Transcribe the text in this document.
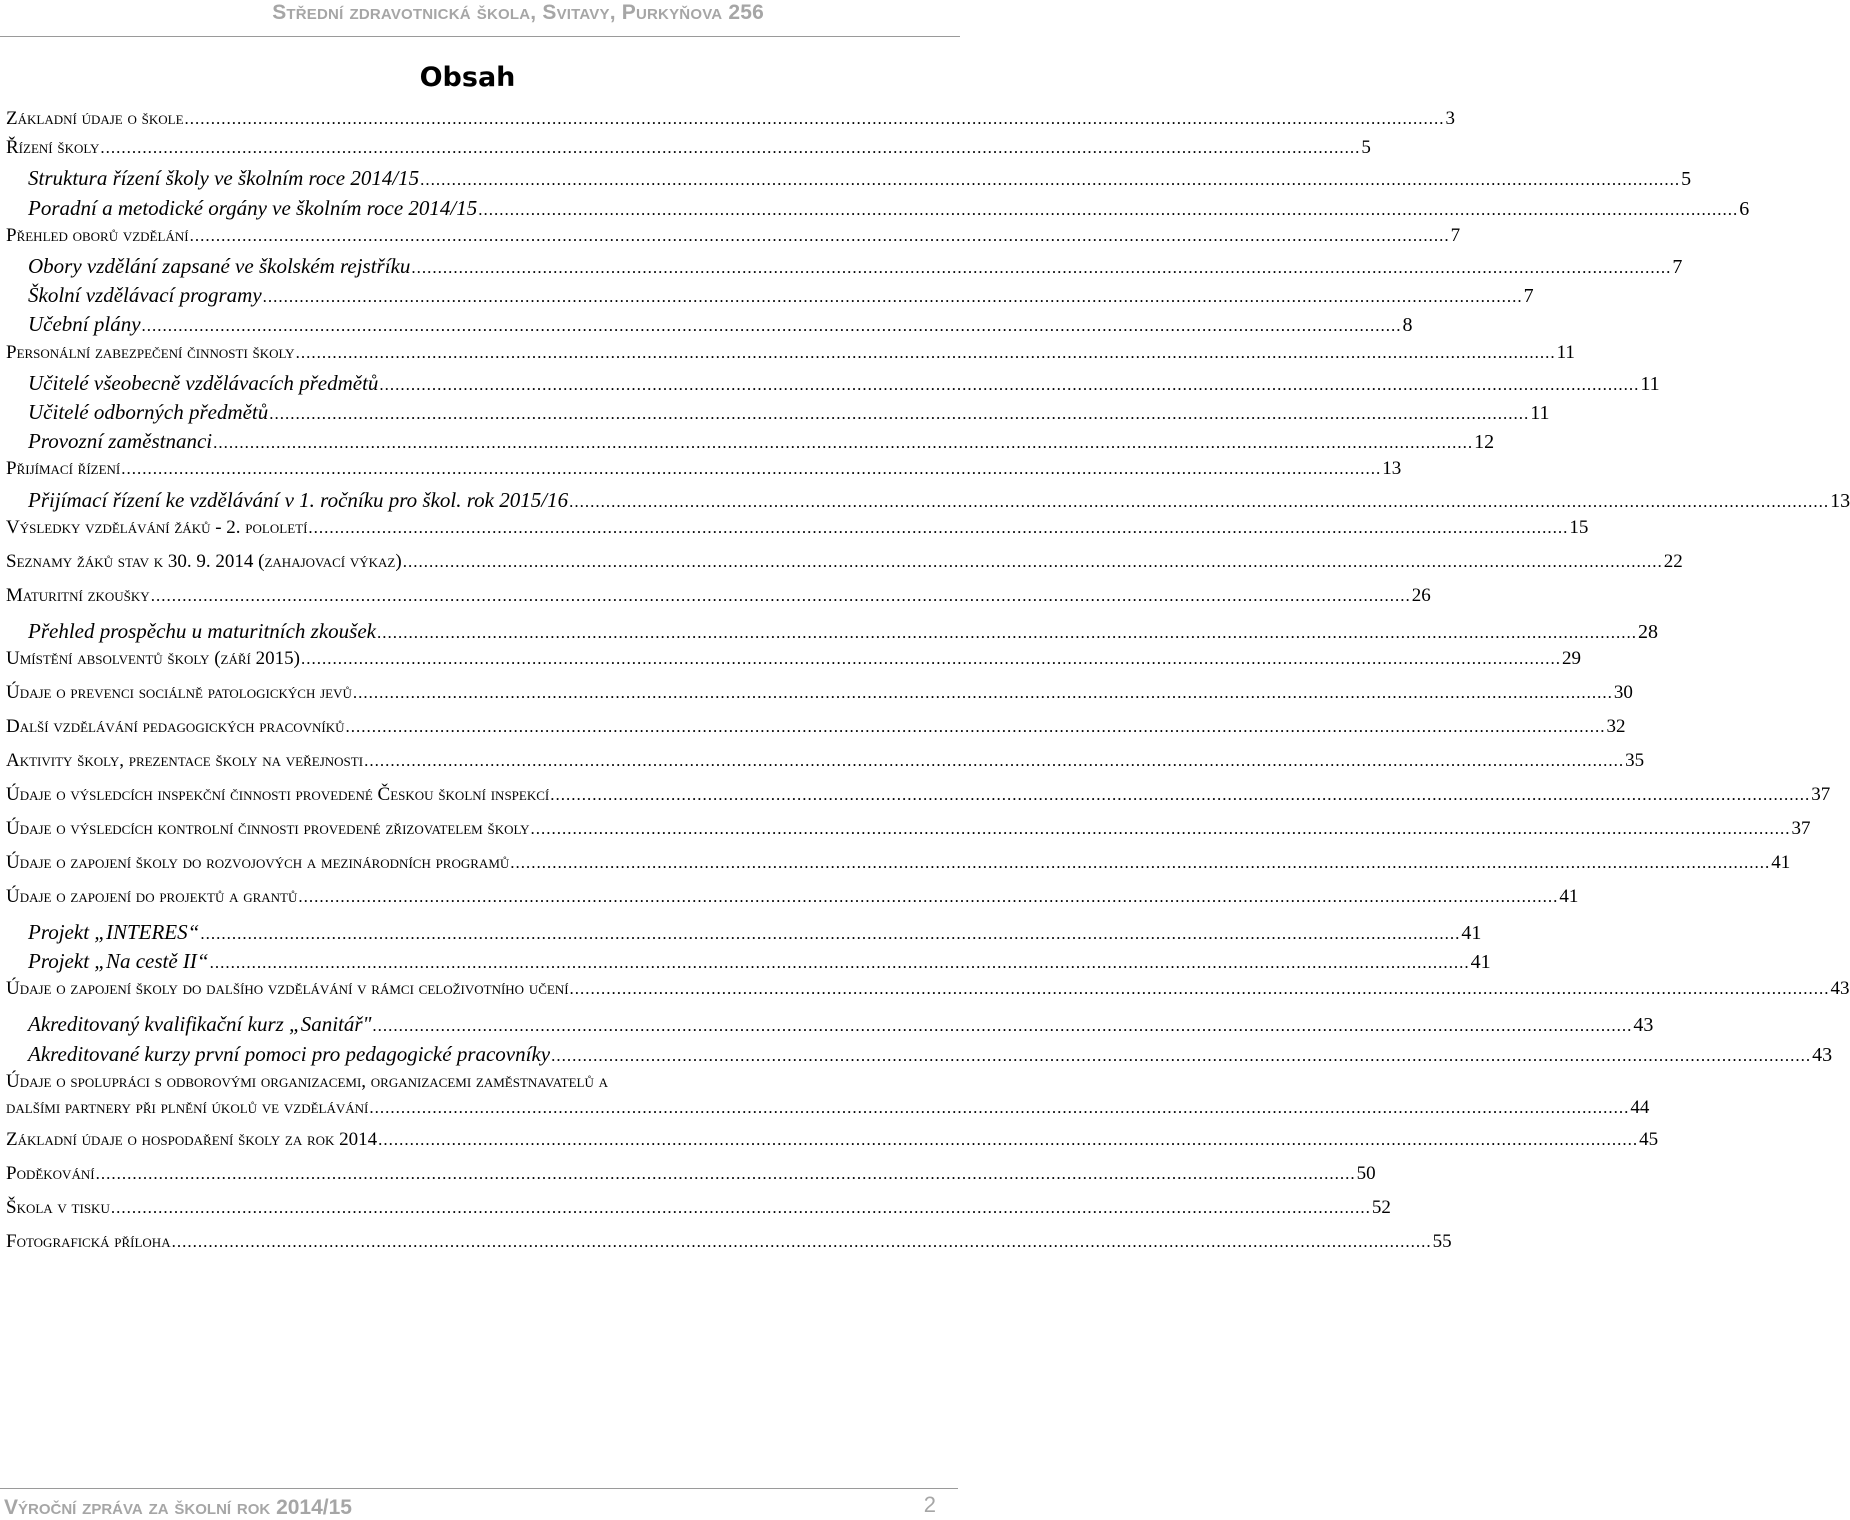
Střední zdravotnická škola, Svitavy, Purkyňova 256
Obsah
Základní údaje o škole .....	3
Řízení školy .....	5
Struktura řízení školy ve školním roce 2014/15 .....	5
Poradní a metodické orgány ve školním roce 2014/15 .....	6
Přehled oborů vzdělání .....	7
Obory vzdělání zapsané ve školském rejstříku .....	7
Školní vzdělávací programy .....	7
Učební plány .....	8
Personální zabezpečení činnosti školy .....	11
Učitelé všeobecně vzdělávacích předmětů .....	11
Učitelé odborných předmětů .....	11
Provozní zaměstnanci .....	12
Přijímací řízení .....	13
Přijímací řízení ke vzdělávání v 1. ročníku pro škol. rok 2015/16 .....	13
Výsledky vzdělávání žáků - 2. pololetí .....	15
Seznamy žáků stav k 30. 9. 2014 (zahajovací výkaz) .....	22
Maturitní zkoušky .....	26
Přehled prospěchu u maturitních zkoušek .....	28
Umístění absolventů školy (září 2015) .....	29
Údaje o prevenci sociálně patologických jevů .....	30
Další vzdělávání pedagogických pracovníků .....	32
Aktivity školy, prezentace školy na veřejnosti .....	35
Údaje o výsledcích inspekční činnosti provedené Českou školní inspekcí .....	37
Údaje o výsledcích kontrolní činnosti provedené zřizovatelem školy .....	37
Údaje o zapojení školy do rozvojových a mezinárodních programů .....	41
Údaje o zapojení do projektů a grantů .....	41
Projekt „INTERES“ .....	41
Projekt „Na cestě II“ .....	41
Údaje o zapojení školy do dalšího vzdělávání v rámci celoživotního učení .....	43
Akreditovaný kvalifikační kurz „Sanitář" .....	43
Akreditované kurzy první pomoci pro pedagogické pracovníky .....	43
Údaje o spolupráci s odborovými organizacemi, organizacemi zaměstnavatelů a
dalšími partnery při plnění úkolů ve vzdělávání .....	44
Základní údaje o hospodaření školy za rok 2014 .....	45
Poděkování .....	50
Škola v tisku .....	52
Fotografická příloha .....	55
Výroční zpráva za školní rok 2014/15	2
